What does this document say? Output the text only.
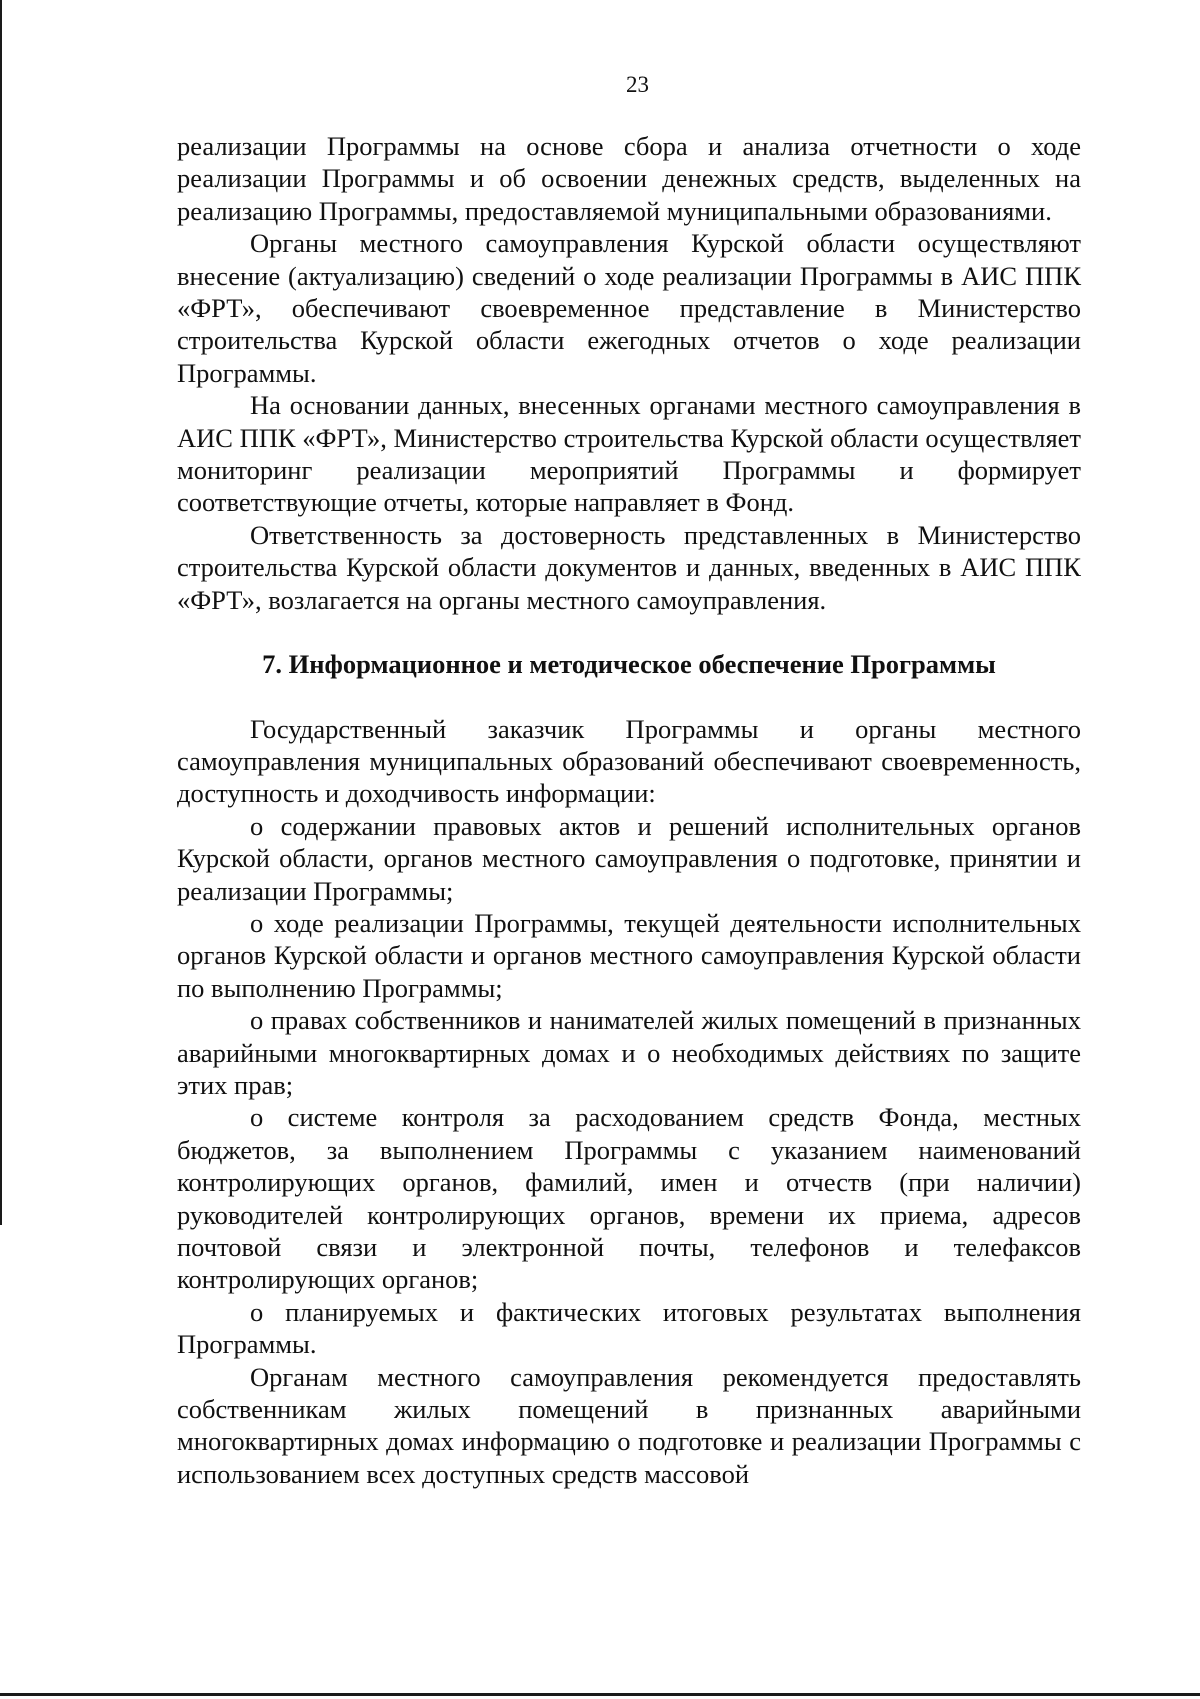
23

реализации Программы на основе сбора и анализа отчетности о ходе реализации Программы и об освоении денежных средств, выделенных на реализацию Программы, предоставляемой муниципальными образованиями.

Органы местного самоуправления Курской области осуществляют внесение (актуализацию) сведений о ходе реализации Программы в АИС ППК «ФРТ», обеспечивают своевременное представление в Министерство строительства Курской области ежегодных отчетов о ходе реализации Программы.

На основании данных, внесенных органами местного самоуправления в АИС ППК «ФРТ», Министерство строительства Курской области осуществляет мониторинг реализации мероприятий Программы и формирует соответствующие отчеты, которые направляет в Фонд.

Ответственность за достоверность представленных в Министерство строительства Курской области документов и данных, введенных в АИС ППК «ФРТ», возлагается на органы местного самоуправления.

7. Информационное и методическое обеспечение Программы

Государственный заказчик Программы и органы местного самоуправления муниципальных образований обеспечивают своевременность, доступность и доходчивость информации:

о содержании правовых актов и решений исполнительных органов Курской области, органов местного самоуправления о подготовке, принятии и реализации Программы;

о ходе реализации Программы, текущей деятельности исполнительных органов Курской области и органов местного самоуправления Курской области по выполнению Программы;

о правах собственников и нанимателей жилых помещений в признанных аварийными многоквартирных домах и о необходимых действиях по защите этих прав;

о системе контроля за расходованием средств Фонда, местных бюджетов, за выполнением Программы с указанием наименований контролирующих органов, фамилий, имен и отчеств (при наличии) руководителей контролирующих органов, времени их приема, адресов почтовой связи и электронной почты, телефонов и телефаксов контролирующих органов;

о планируемых и фактических итоговых результатах выполнения Программы.

Органам местного самоуправления рекомендуется предоставлять собственникам жилых помещений в признанных аварийными многоквартирных домах информацию о подготовке и реализации Программы с использованием всех доступных средств массовой
